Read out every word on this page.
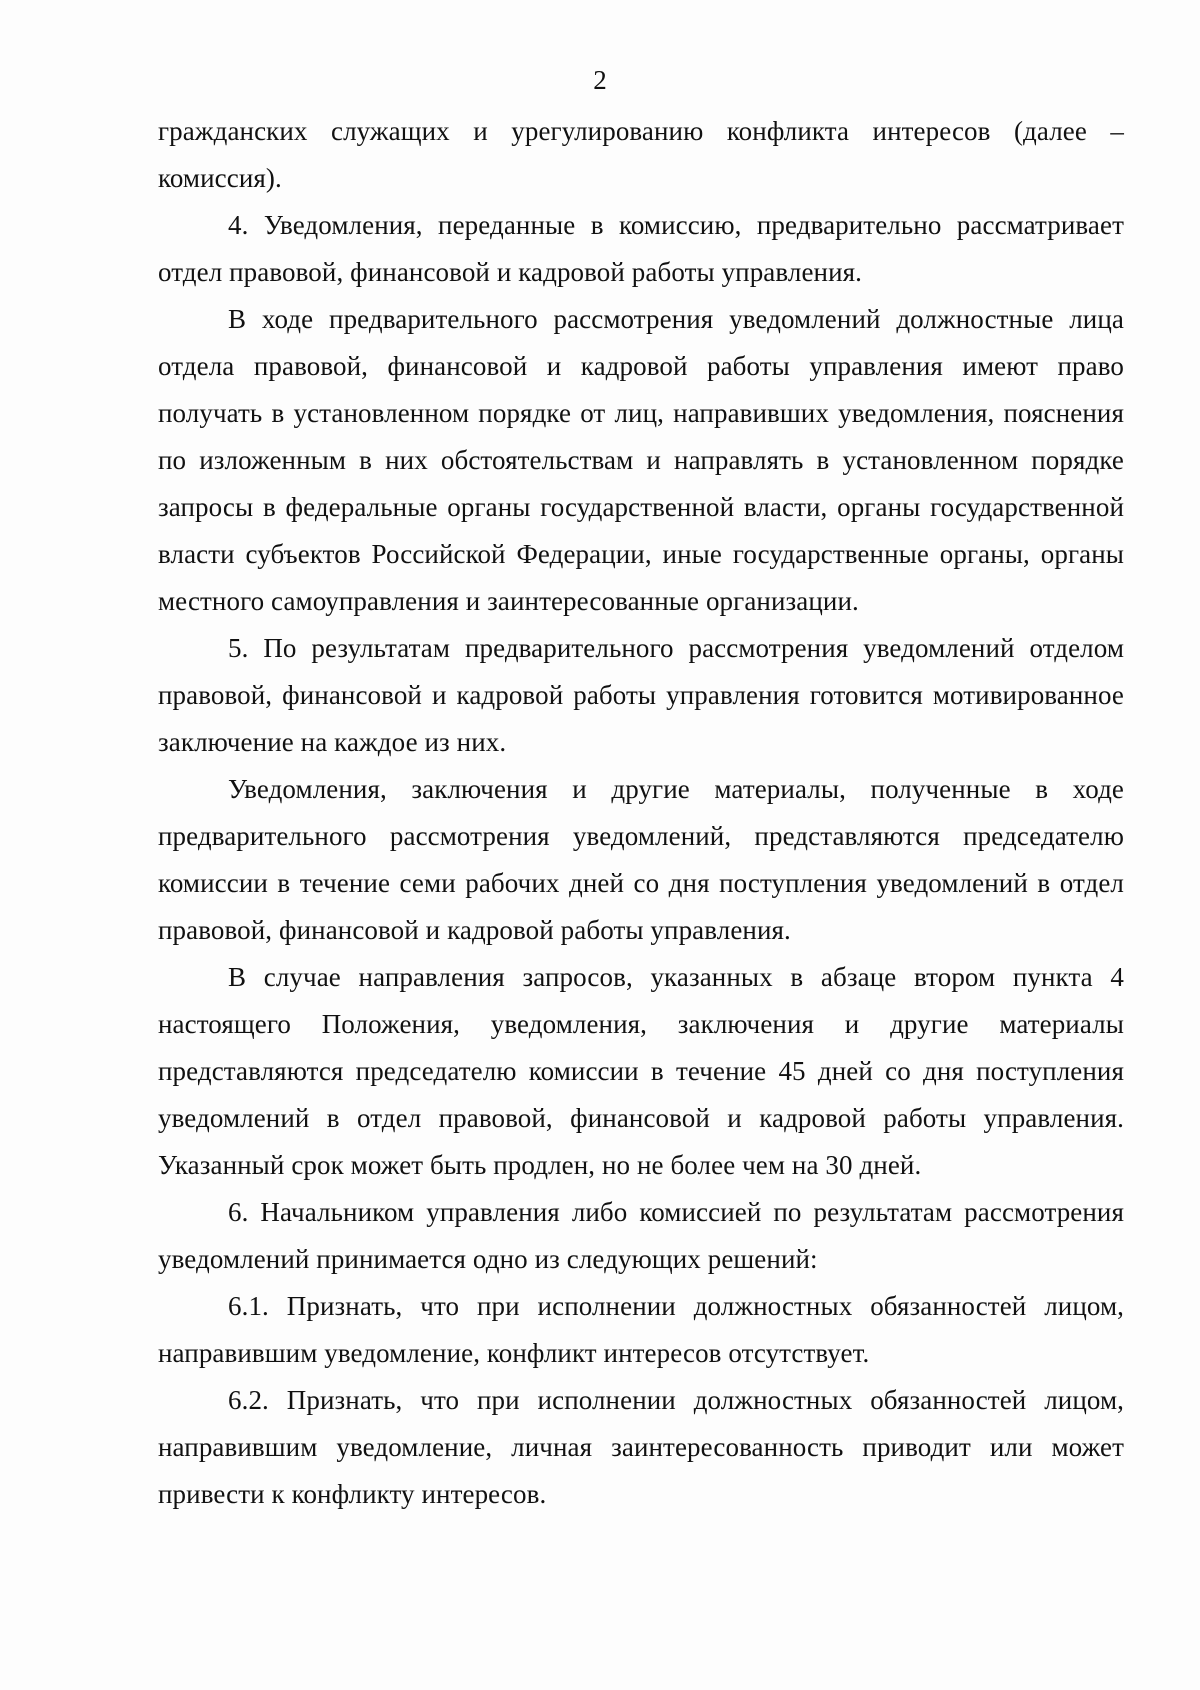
2

гражданских служащих и урегулированию конфликта интересов (далее – комиссия).

4. Уведомления, переданные в комиссию, предварительно рассматривает отдел правовой, финансовой и кадровой работы управления.

В ходе предварительного рассмотрения уведомлений должностные лица отдела правовой, финансовой и кадровой работы управления имеют право получать в установленном порядке от лиц, направивших уведомления, пояснения по изложенным в них обстоятельствам и направлять в установленном порядке запросы в федеральные органы государственной власти, органы государственной власти субъектов Российской Федерации, иные государственные органы, органы местного самоуправления и заинтересованные организации.

5. По результатам предварительного рассмотрения уведомлений отделом правовой, финансовой и кадровой работы управления готовится мотивированное заключение на каждое из них.

Уведомления, заключения и другие материалы, полученные в ходе предварительного рассмотрения уведомлений, представляются председателю комиссии в течение семи рабочих дней со дня поступления уведомлений в отдел правовой, финансовой и кадровой работы управления.

В случае направления запросов, указанных в абзаце втором пункта 4 настоящего Положения, уведомления, заключения и другие материалы представляются председателю комиссии в течение 45 дней со дня поступления уведомлений в отдел правовой, финансовой и кадровой работы управления. Указанный срок может быть продлен, но не более чем на 30 дней.

6. Начальником управления либо комиссией по результатам рассмотрения уведомлений принимается одно из следующих решений:

6.1. Признать, что при исполнении должностных обязанностей лицом, направившим уведомление, конфликт интересов отсутствует.

6.2. Признать, что при исполнении должностных обязанностей лицом, направившим уведомление, личная заинтересованность приводит или может привести к конфликту интересов.
